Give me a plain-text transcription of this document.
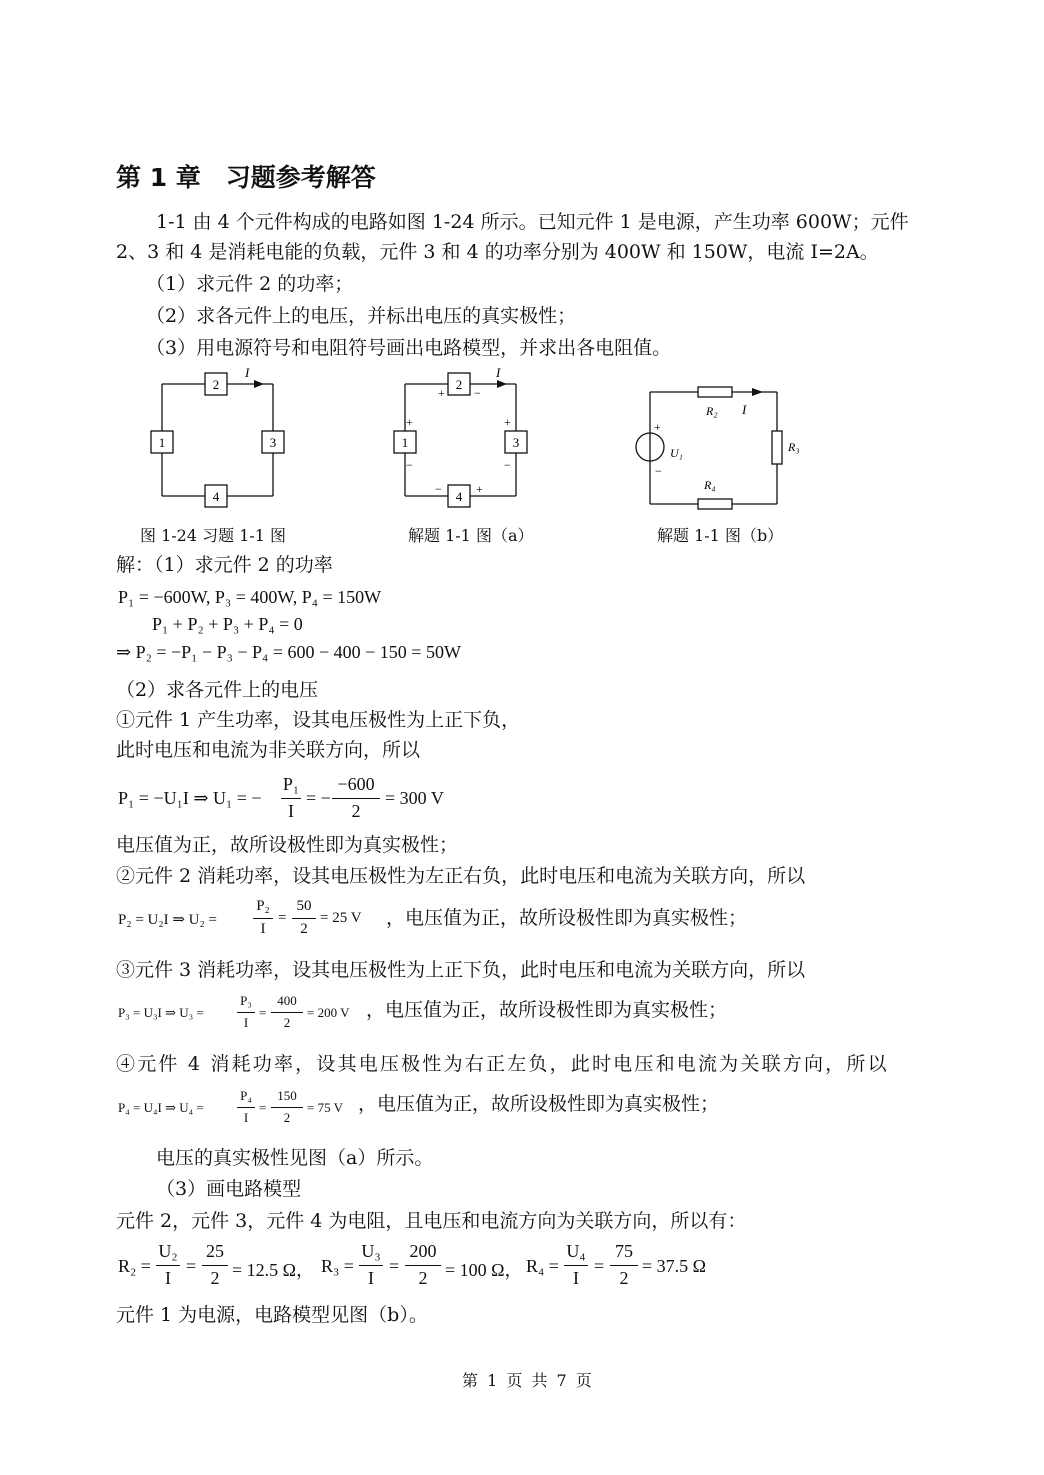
第 1 章　习题参考解答
1-1 由 4 个元件构成的电路如图 1-24 所示。已知元件 1 是电源，产生功率 600W；元件
2、3 和 4 是消耗电能的负载，元件 3 和 4 的功率分别为 400W 和 150W，电流 I=2A。
（1）求元件 2 的功率；
（2）求各元件上的电压，并标出电压的真实极性；
（3）用电源符号和电阻符号画出电路模型，并求出各电阻值。
2
1	3
4
I
图 1-24 习题 1-1 图
2
1	3
4
I
+ −
+
−
+
−
−	+
解题 1-1 图（a）
R₂ I
R₃
R₄
U₁
+
−
解题 1-1 图（b）
解：（1）求元件 2 的功率
P₁ = −600W, P₃ = 400W, P₄ = 150W
P₁ + P₂ + P₃ + P₄ = 0
⇒ P₂ = −P₁ − P₃ − P₄ = 600 − 400 − 150 = 50W
（2）求各元件上的电压
①元件 1 产生功率，设其电压极性为上正下负，
此时电压和电流为非关联方向，所以
P₁ = −U₁I ⇒ U₁ = −
P₁
I
= −
−600
2
= 300 V
电压值为正，故所设极性即为真实极性；
②元件 2 消耗功率，设其电压极性为左正右负，此时电压和电流为关联方向，所以
P₂ = U₂I ⇒ U₂ =
P₂
I
=
50
2
= 25 V ，电压值为正，故所设极性即为真实极性；
③元件 3 消耗功率，设其电压极性为上正下负，此时电压和电流为关联方向，所以
P₃ = U₃I ⇒ U₃ =
P₃
I
=
400
2
= 200 V ，电压值为正，故所设极性即为真实极性；
④元件 4 消耗功率，设其电压极性为右正左负，此时电压和电流为关联方向，所以
P₄ = U₄I ⇒ U₄ =
P₄
I
=
150
2
= 75 V ，电压值为正，故所设极性即为真实极性；
电压的真实极性见图（a）所示。
（3）画电路模型
元件 2，元件 3，元件 4 为电阻，且电压和电流方向为关联方向，所以有：
R₂ =
U₂
I
=
25
2 = 12.5 Ω， R₃ =
U₃
I
=
200
2 = 100 Ω， R₄ =
U₄
I
=
75
2
= 37.5 Ω
元件 1 为电源，电路模型见图（b）。
第 1 页 共 7 页
